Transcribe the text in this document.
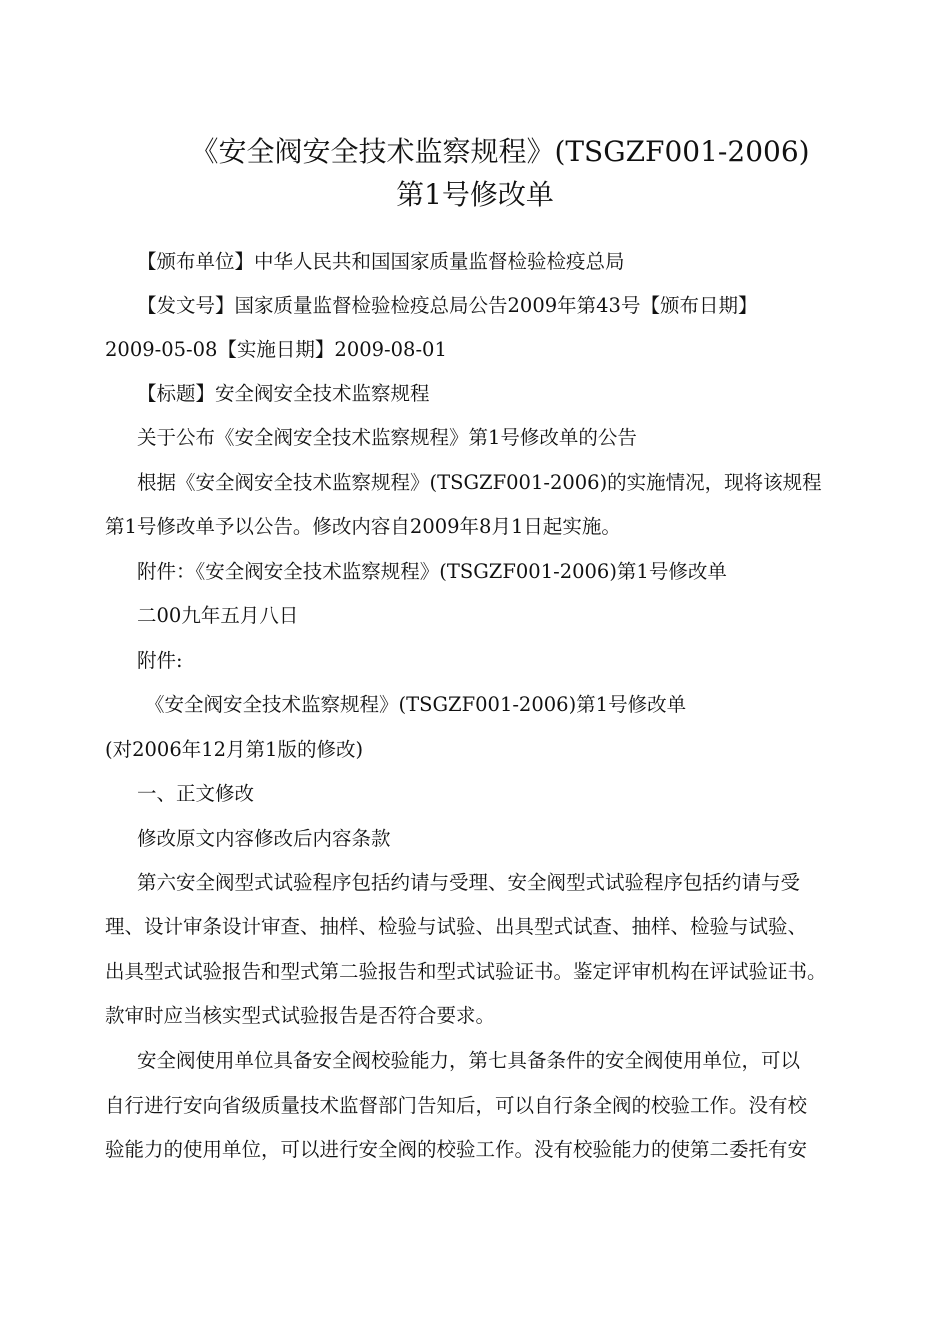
《安全阀安全技术监察规程》(TSGZF001-2006)
第1号修改单
【颁布单位】中华人民共和国国家质量监督检验检疫总局
【发文号】国家质量监督检验检疫总局公告2009年第43号【颁布日期】
2009-05-08【实施日期】2009-08-01
【标题】安全阀安全技术监察规程
关于公布《安全阀安全技术监察规程》第1号修改单的公告
根据《安全阀安全技术监察规程》(TSGZF001-2006)的实施情况，现将该规程
第1号修改单予以公告。修改内容自2009年8月1日起实施。
附件：《安全阀安全技术监察规程》(TSGZF001-2006)第1号修改单
二00九年五月八日
附件:
《安全阀安全技术监察规程》(TSGZF001-2006)第1号修改单
(对2006年12月第1版的修改)
一、正文修改
修改原文内容修改后内容条款
第六安全阀型式试验程序包括约请与受理、安全阀型式试验程序包括约请与受
理、设计审条设计审查、抽样、检验与试验、出具型式试查、抽样、检验与试验、
出具型式试验报告和型式第二验报告和型式试验证书。鉴定评审机构在评试验证书。
款审时应当核实型式试验报告是否符合要求。
安全阀使用单位具备安全阀校验能力，第七具备条件的安全阀使用单位，可以
自行进行安向省级质量技术监督部门告知后，可以自行条全阀的校验工作。没有校
验能力的使用单位，可以进行安全阀的校验工作。没有校验能力的使第二委托有安
